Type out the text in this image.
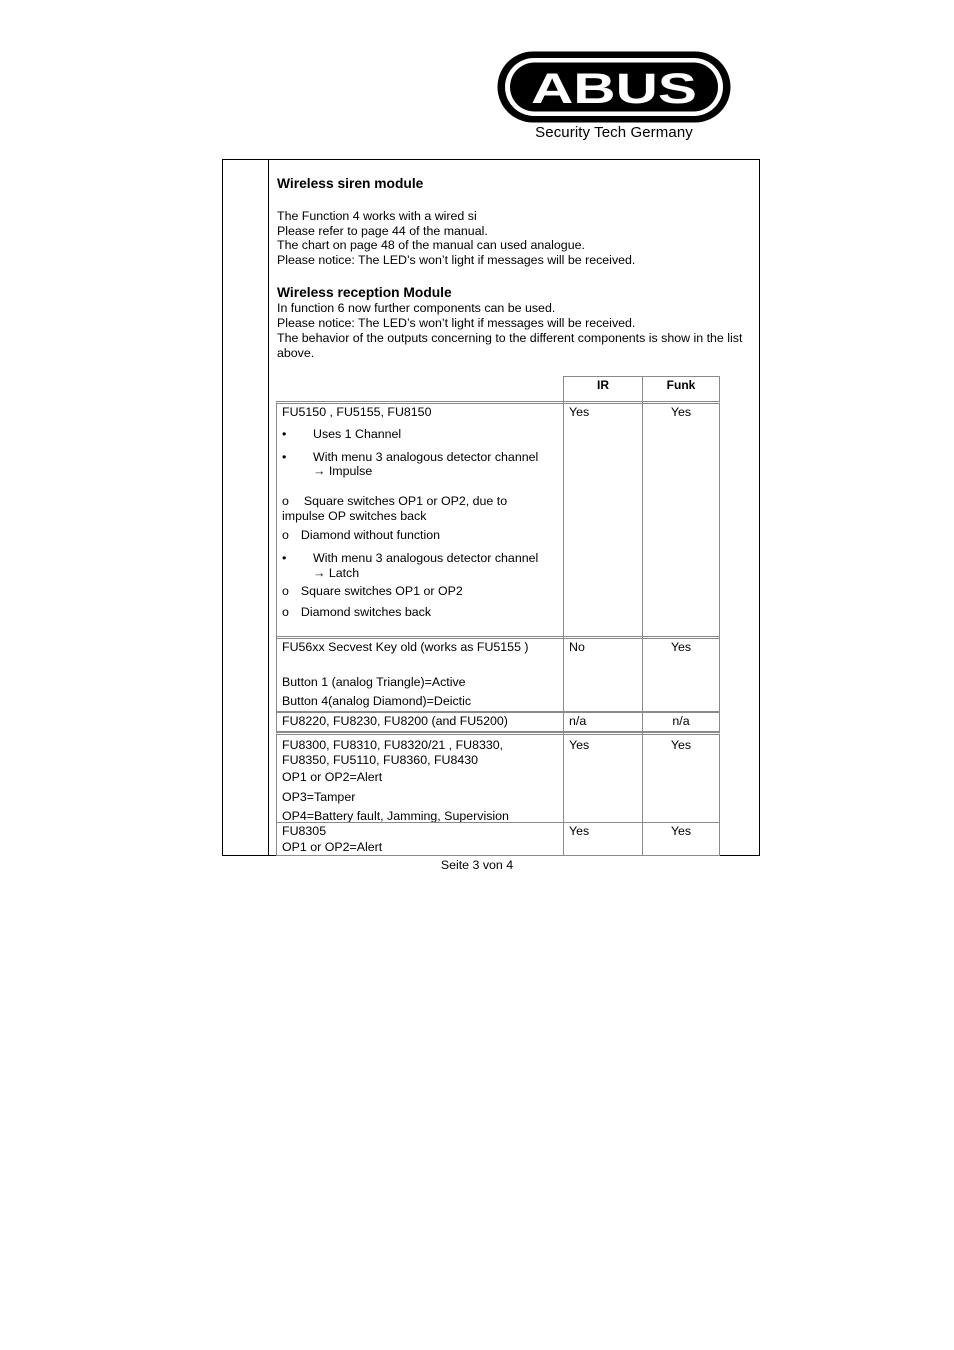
ABUS
Security Tech Germany
Wireless siren module
The Function 4 works with a wired si
Please refer to page 44 of the manual.
The chart on page 48 of the manual can used analogue.
Please notice: The LED’s won’t light if messages will be received.
Wireless reception Module
In function 6 now further components can be used.
Please notice: The LED’s won’t light if messages will be received.
The behavior of the outputs concerning to the different components is show in the list above.
IR	Funk
FU5150 , FU5155, FU8150
• Uses 1 Channel
• With menu 3 analogous detector channel
→ Impulse
o Square switches OP1 or OP2, due to
impulse OP switches back
o Diamond without function
• With menu 3 analogous detector channel
→ Latch
o Square switches OP1 or OP2
o Diamond switches back
Yes	Yes
FU56xx Secvest Key old (works as FU5155 )
Button 1 (analog Triangle)=Active
Button 4(analog Diamond)=Deictic
No	Yes
FU8220, FU8230, FU8200 (and FU5200)	n/a	n/a
FU8300, FU8310, FU8320/21 , FU8330,
FU8350, FU5110, FU8360, FU8430
OP1 or OP2=Alert
OP3=Tamper
OP4=Battery fault, Jamming, Supervision
Yes	Yes
FU8305
OP1 or OP2=Alert
Yes	Yes
Seite 3 von 4
